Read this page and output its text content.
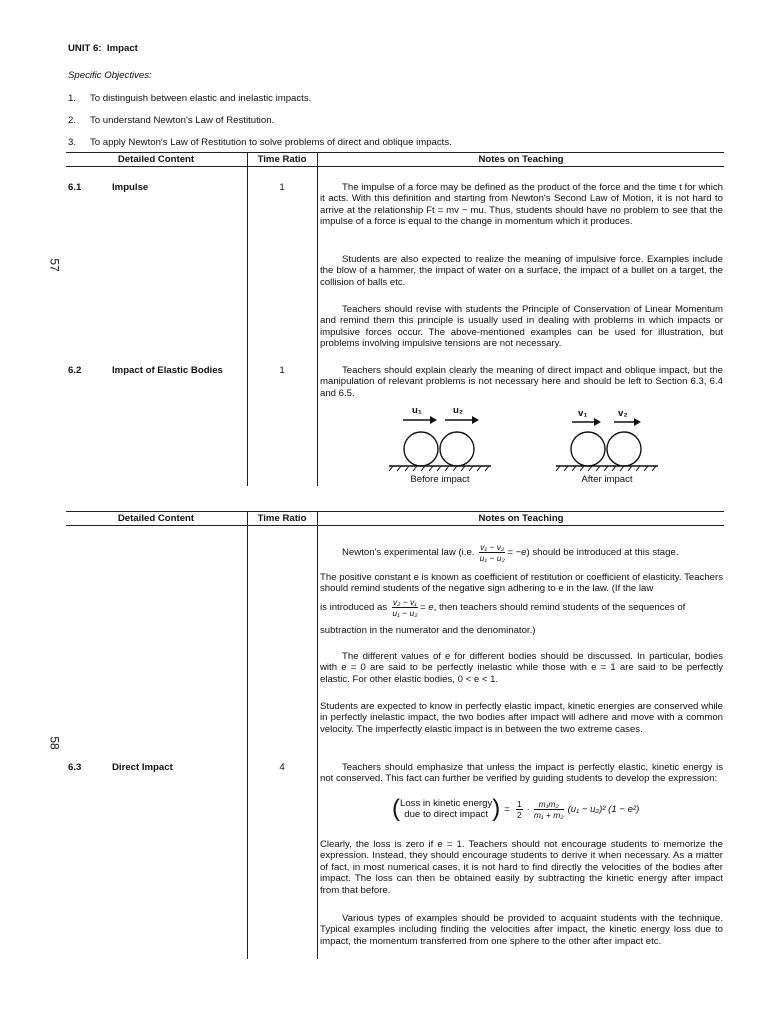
UNIT 6: Impact
Specific Objectives:
1. To distinguish between elastic and inelastic impacts.
2. To understand Newton's Law of Restitution.
3. To apply Newton's Law of Restitution to solve problems of direct and oblique impacts.
57
58
Detailed Content	Time Ratio	Notes on Teaching
6.1	Impulse	1	The impulse of a force may be defined as the product of the force and the time t for which it acts. With this definition and starting from Newton's Second Law of Motion, it is not hard to arrive at the relationship Ft = mv − mu. Thus, students should have no problem to see that the impulse of a force is equal to the change in momentum which it produces.
Students are also expected to realize the meaning of impulsive force. Examples include the blow of a hammer, the impact of water on a surface, the impact of a bullet on a target, the collision of balls etc.
Teachers should revise with students the Principle of Conservation of Linear Momentum and remind them this principle is usually used in dealing with problems in which impacts or impulsive forces occur. The above-mentioned examples can be used for illustration, but problems involving impulsive tensions are not necessary.
6.2	Impact of Elastic Bodies	1	Teachers should explain clearly the meaning of direct impact and oblique impact, but the manipulation of relevant problems is not necessary here and should be left to Section 6.3, 6.4 and 6.5.
u₁	u₂
Before impact
v₁	v₂
After impact
Detailed Content	Time Ratio	Notes on Teaching
Newton's experimental law (i.e. $\frac{\text{v₁ − v₂}}{\text{u₁ − u₂}} = -e$) should be introduced at this stage.
The positive constant e is known as coefficient of restitution or coefficient of elasticity. Teachers should remind students of the negative sign adhering to e in the law. (If the law
is introduced as $\frac{\text{v₂ − v₁}}{\text{u₁ − u₂}} = e$, then teachers should remind students of the sequences of
subtraction in the numerator and the denominator.)
The different values of e for different bodies should be discussed. In particular, bodies with e = 0 are said to be perfectly inelastic while those with e = 1 are said to be perfectly elastic. For other elastic bodies, 0 < e < 1.
Students are expected to know in perfectly elastic impact, kinetic energies are conserved while in perfectly inelastic impact, the two bodies after impact will adhere and move with a common velocity. The imperfectly elastic impact is in between the two extreme cases.
6.3	Direct Impact	4	Teachers should emphasize that unless the impact is perfectly elastic, kinetic energy is not conserved. This fact can further be verified by guiding students to develop the expression:
( Loss in kinetic energy
due to direct impact ) = $\frac{1}{2} \cdot \frac{\text{m₁m₂}}{\text{m₁ + m₂}} (u_1 - u_2)^2$ (1 − e²)
Clearly, the loss is zero if e = 1. Teachers should not encourage students to memorize the expression. Instead, they should encourage students to derive it when necessary. As a matter of fact, in most numerical cases, it is not hard to find directly the velocities of the bodies after impact. The loss can then be obtained easily by subtracting the kinetic energy after impact from that before.
Various types of examples should be provided to acquaint students with the technique. Typical examples including finding the velocities after impact, the kinetic energy loss due to impact, the momentum transferred from one sphere to the other after impact etc.
